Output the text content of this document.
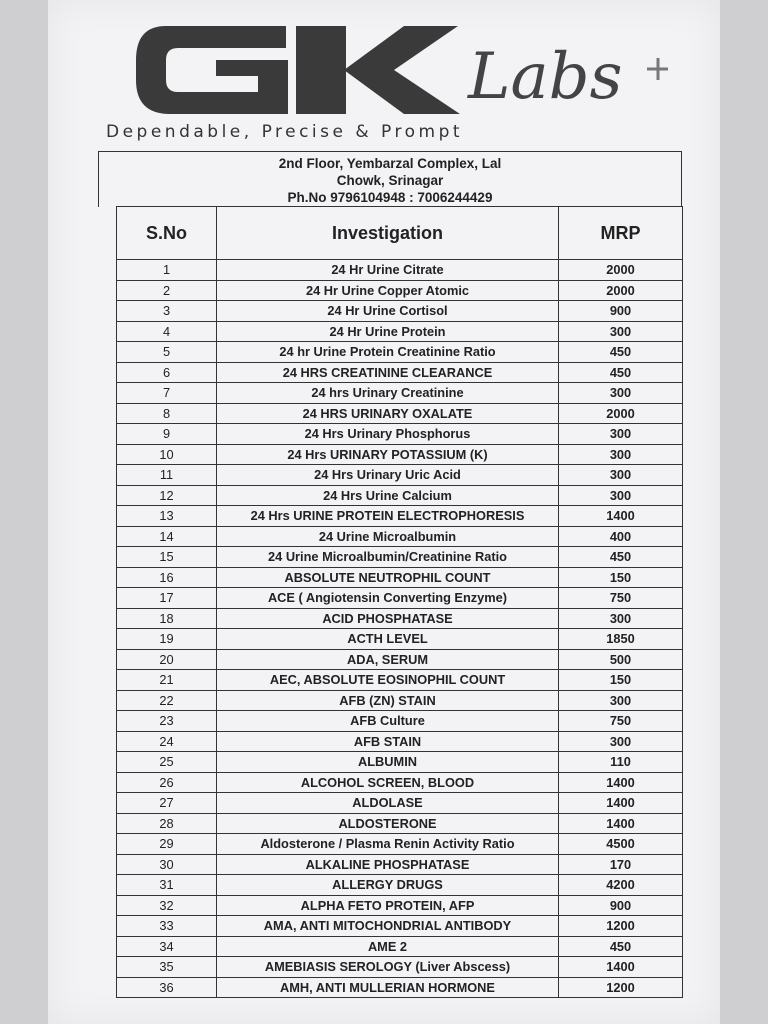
Labs
Dependable, Precise & Prompt
2nd Floor, Yembarzal Complex, Lal
Chowk, Srinagar
Ph.No 9796104948 : 7006244429
S.No	Investigation	MRP
1	24 Hr Urine Citrate	2000
2	24 Hr Urine Copper Atomic	2000
3	24 Hr Urine Cortisol	900
4	24 Hr Urine Protein	300
5	24 hr Urine Protein Creatinine Ratio	450
6	24 HRS CREATININE CLEARANCE	450
7	24 hrs Urinary Creatinine	300
8	24 HRS URINARY OXALATE	2000
9	24 Hrs Urinary Phosphorus	300
10	24 Hrs URINARY POTASSIUM (K)	300
11	24 Hrs Urinary Uric Acid	300
12	24 Hrs Urine Calcium	300
13	24 Hrs URINE PROTEIN ELECTROPHORESIS	1400
14	24 Urine Microalbumin	400
15	24 Urine Microalbumin/Creatinine Ratio	450
16	ABSOLUTE NEUTROPHIL COUNT	150
17	ACE ( Angiotensin Converting Enzyme)	750
18	ACID PHOSPHATASE	300
19	ACTH LEVEL	1850
20	ADA, SERUM	500
21	AEC, ABSOLUTE EOSINOPHIL COUNT	150
22	AFB (ZN) STAIN	300
23	AFB Culture	750
24	AFB STAIN	300
25	ALBUMIN	110
26	ALCOHOL SCREEN, BLOOD	1400
27	ALDOLASE	1400
28	ALDOSTERONE	1400
29	Aldosterone / Plasma Renin Activity Ratio	4500
30	ALKALINE PHOSPHATASE	170
31	ALLERGY DRUGS	4200
32	ALPHA FETO PROTEIN, AFP	900
33	AMA, ANTI MITOCHONDRIAL ANTIBODY	1200
34	AME 2	450
35	AMEBIASIS SEROLOGY (Liver Abscess)	1400
36	AMH, ANTI MULLERIAN HORMONE	1200
